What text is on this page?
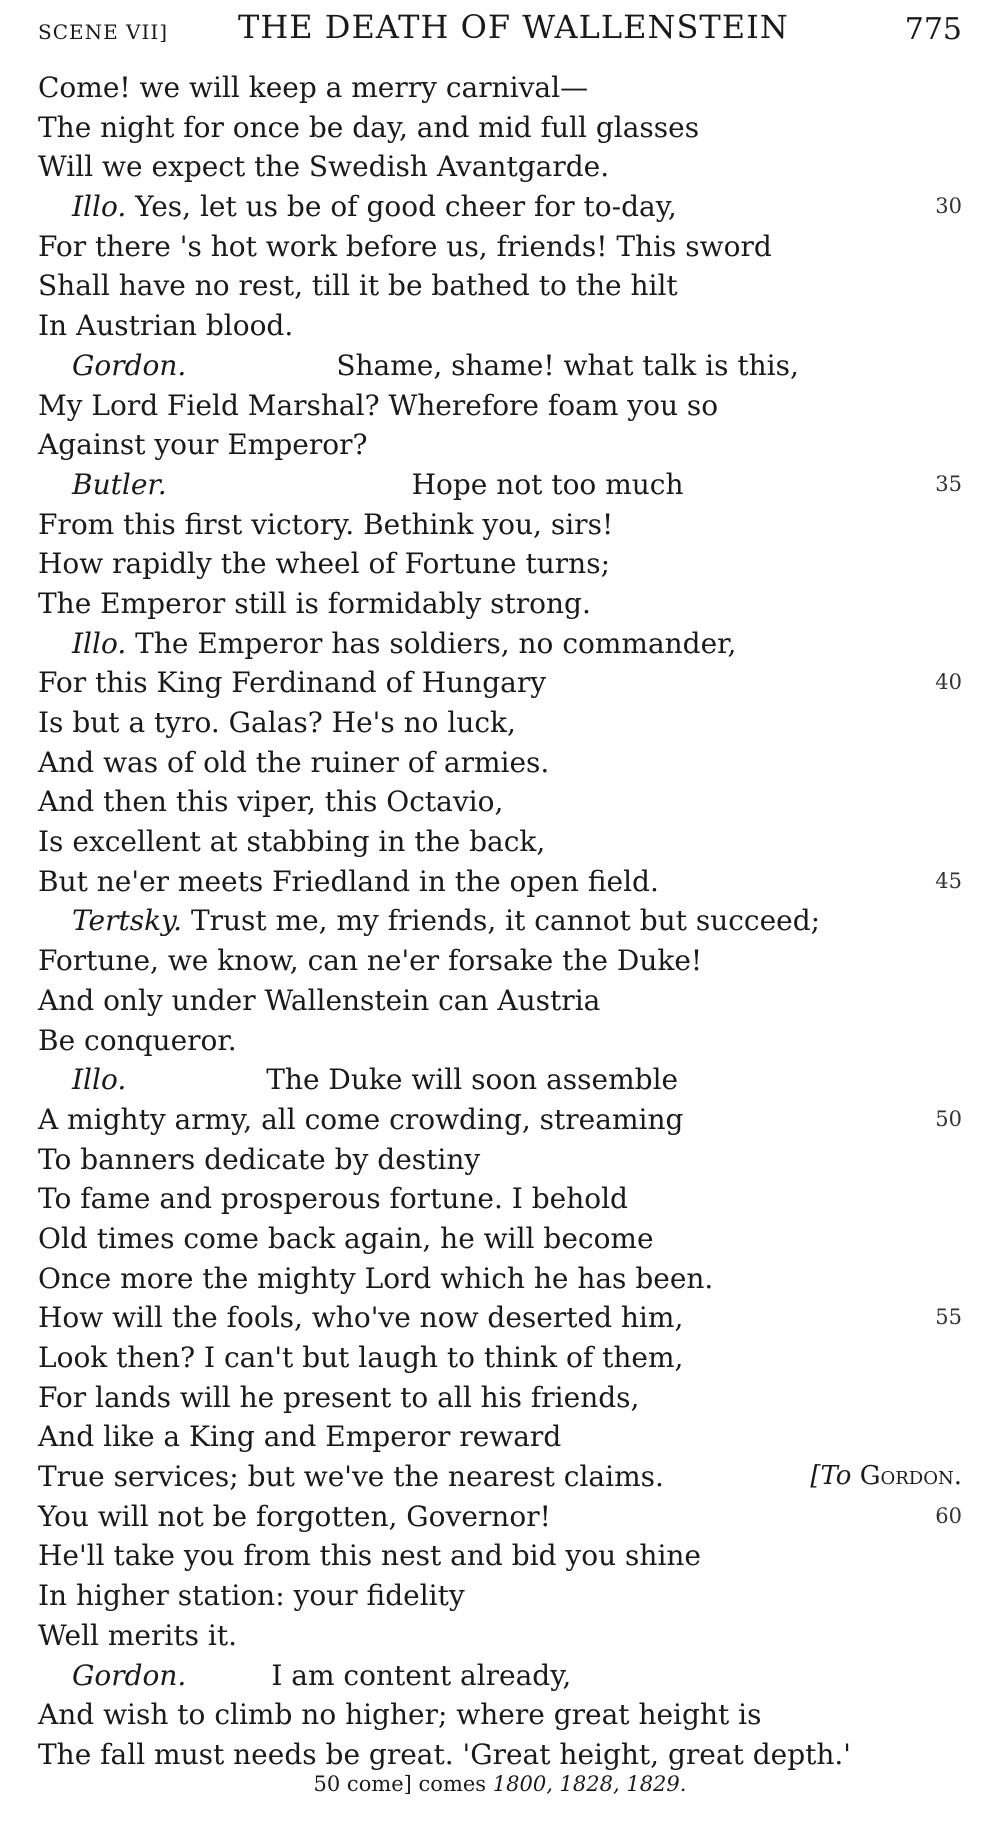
SCENE VII] THE DEATH OF WALLENSTEIN	775
Come! we will keep a merry carnival—
The night for once be day, and mid full glasses
Will we expect the Swedish Avantgarde.
Illo. Yes, let us be of good cheer for to-day,	30
For there 's hot work before us, friends! This sword
Shall have no rest, till it be bathed to the hilt
In Austrian blood.
Gordon.	Shame, shame! what talk is this,
My Lord Field Marshal? Wherefore foam you so
Against your Emperor?
Butler.	Hope not too much	35
From this first victory. Bethink you, sirs!
How rapidly the wheel of Fortune turns;
The Emperor still is formidably strong.
Illo. The Emperor has soldiers, no commander,
For this King Ferdinand of Hungary	40
Is but a tyro. Galas? He's no luck,
And was of old the ruiner of armies.
And then this viper, this Octavio,
Is excellent at stabbing in the back,
But ne'er meets Friedland in the open field.	45
Tertsky. Trust me, my friends, it cannot but succeed;
Fortune, we know, can ne'er forsake the Duke!
And only under Wallenstein can Austria
Be conqueror.
Illo.	The Duke will soon assemble
A mighty army, all come crowding, streaming	50
To banners dedicate by destiny
To fame and prosperous fortune. I behold
Old times come back again, he will become
Once more the mighty Lord which he has been.
How will the fools, who've now deserted him,	55
Look then? I can't but laugh to think of them,
For lands will he present to all his friends,
And like a King and Emperor reward
True services; but we've the nearest claims.	[To Gordon.
You will not be forgotten, Governor!	60
He'll take you from this nest and bid you shine
In higher station: your fidelity
Well merits it.
Gordon.	I am content already,
And wish to climb no higher; where great height is
The fall must needs be great. 'Great height, great depth.'
50 come] comes 1800, 1828, 1829.
